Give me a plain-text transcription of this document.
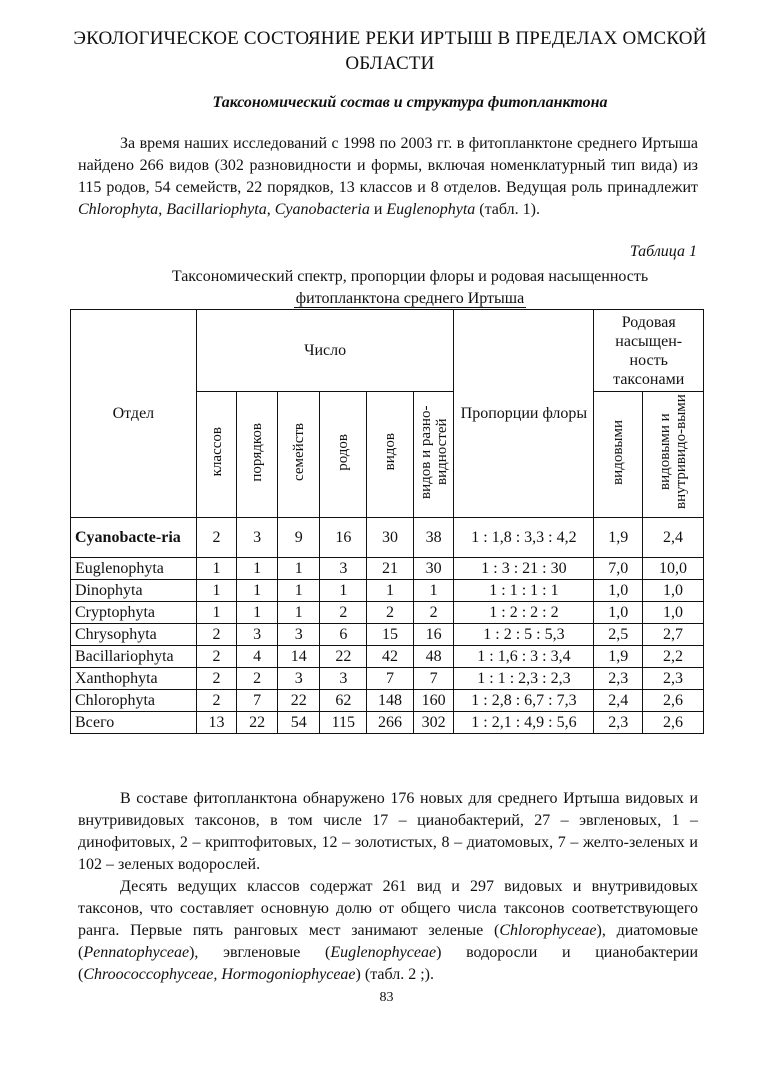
ЭКОЛОГИЧЕСКОЕ СОСТОЯНИЕ РЕКИ ИРТЫШ В ПРЕДЕЛАХ ОМСКОЙ ОБЛАСТИ
Таксономический состав и структура фитопланктона
За время наших исследований с 1998 по 2003 гг. в фитопланктоне среднего Иртыша найдено 266 видов (302 разновидности и формы, включая номенклатурный тип вида) из 115 родов, 54 семейств, 22 порядков, 13 классов и 8 отделов. Ведущая роль принадлежит Chlorophyta, Bacillariophyta, Cyanobacteria и Euglenophyta (табл. 1).
Таблица 1
Таксономический спектр, пропорции флоры и родовая насыщенность
фитопланктона среднего Иртыша
Отдел	Число						Пропорции флоры	Родовая насыщен-ность таксонами	
	классов	порядков	семейств	родов	видов	видов и разно-видностей		видовыми	видовыми и внутривидо-выми
Cyanobacte-ria	2	3	9	16	30	38	1 : 1,8 : 3,3 : 4,2	1,9	2,4
Euglenophyta	1	1	1	3	21	30	1 : 3 : 21 : 30	7,0	10,0
Dinophyta	1	1	1	1	1	1	1 : 1 : 1 : 1	1,0	1,0
Cryptophyta	1	1	1	2	2	2	1 : 2 : 2 : 2	1,0	1,0
Chrysophyta	2	3	3	6	15	16	1 : 2 : 5 : 5,3	2,5	2,7
Bacillariophyta	2	4	14	22	42	48	1 : 1,6 : 3 : 3,4	1,9	2,2
Xanthophyta	2	2	3	3	7	7	1 : 1 : 2,3 : 2,3	2,3	2,3
Chlorophyta	2	7	22	62	148	160	1 : 2,8 : 6,7 : 7,3	2,4	2,6
Всего	13	22	54	115	266	302	1 : 2,1 : 4,9 : 5,6	2,3	2,6
В составе фитопланктона обнаружено 176 новых для среднего Иртыша видовых и внутривидовых таксонов, в том числе 17 – цианобактерий, 27 – эвгленовых, 1 – динофитовых, 2 – криптофитовых, 12 – золотистых, 8 – диатомовых, 7 – желто-зеленых и 102 – зеленых водорослей.
Десять ведущих классов содержат 261 вид и 297 видовых и внутривидовых таксонов, что составляет основную долю от общего числа таксонов соответствующего ранга. Первые пять ранговых мест занимают зеленые (Chlorophyceae), диатомовые (Pennatophyceae), эвгленовые (Euglenophyceae) водоросли и цианобактерии (Chroococcophyceae, Hormogoniophyceae) (табл. 2 ;).
83
